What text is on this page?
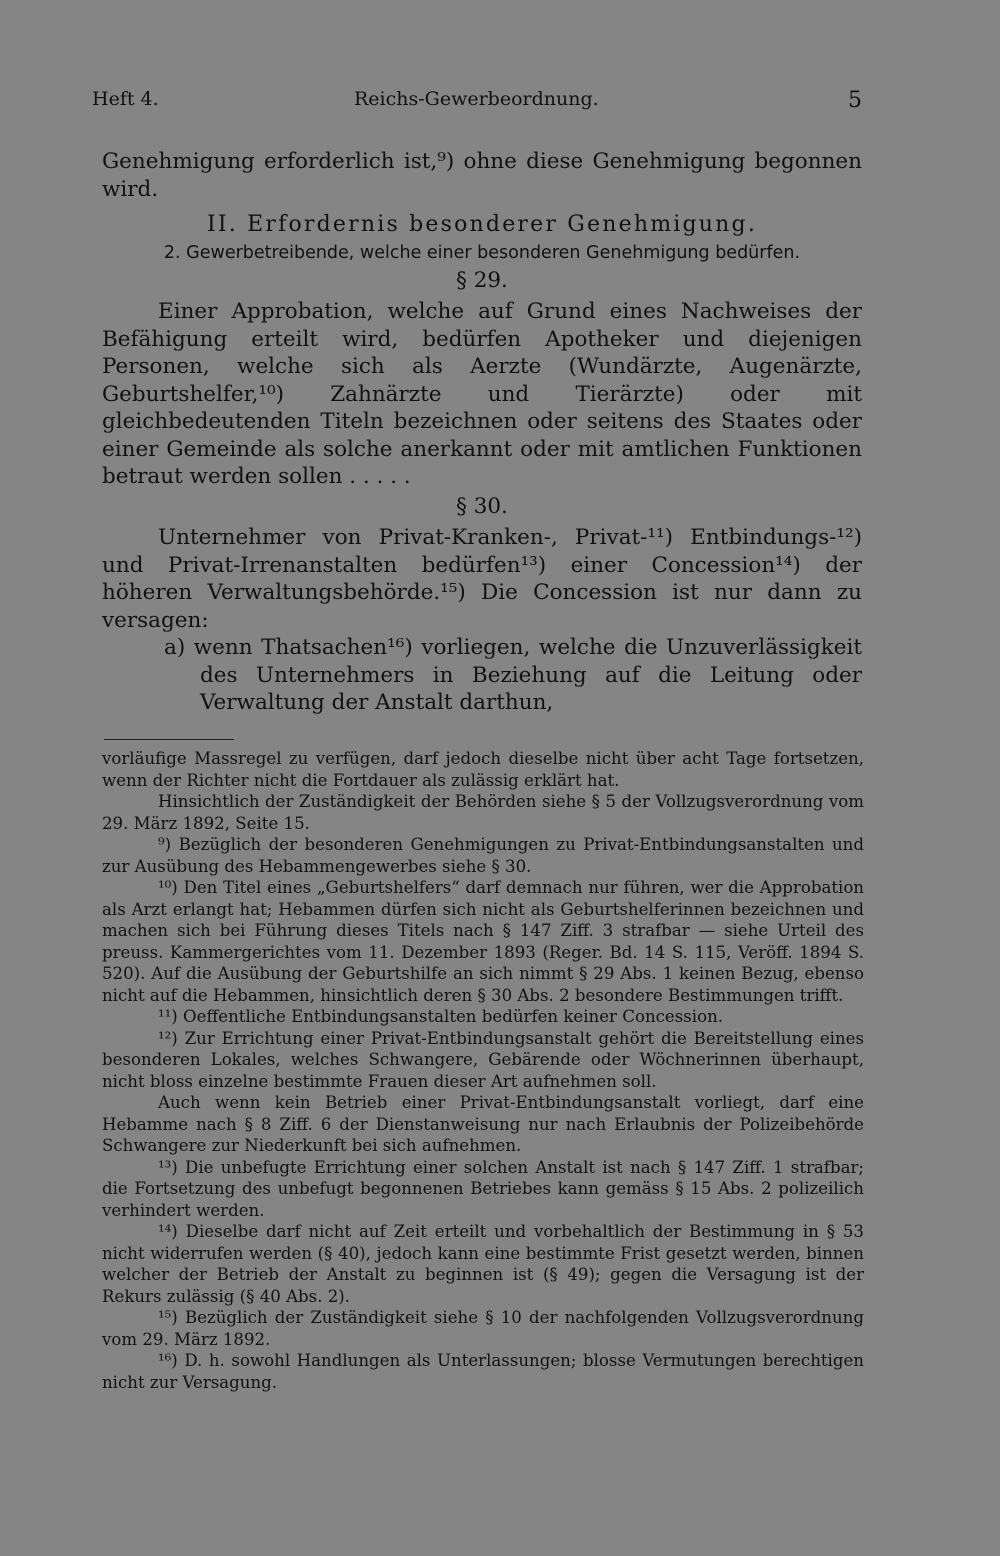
Heft 4.	Reichs-Gewerbeordnung.	5

Genehmigung erforderlich ist,⁹) ohne diese Genehmigung begonnen wird.

II. Erfordernis besonderer Genehmigung.

2. Gewerbetreibende, welche einer besonderen Genehmigung bedürfen.

§ 29.

Einer Approbation, welche auf Grund eines Nachweises der Befähigung erteilt wird, bedürfen Apotheker und diejenigen Personen, welche sich als Aerzte (Wundärzte, Augenärzte, Geburtshelfer,¹⁰) Zahnärzte und Tierärzte) oder mit gleichbedeutenden Titeln bezeichnen oder seitens des Staates oder einer Gemeinde als solche anerkannt oder mit amtlichen Funktionen betraut werden sollen . . . . .

§ 30.

Unternehmer von Privat-Kranken-, Privat-¹¹) Entbindungs-¹²) und Privat-Irrenanstalten bedürfen¹³) einer Concession¹⁴) der höheren Verwaltungsbehörde.¹⁵) Die Concession ist nur dann zu versagen:

a) wenn Thatsachen¹⁶) vorliegen, welche die Unzuverlässigkeit des Unternehmers in Beziehung auf die Leitung oder Verwaltung der Anstalt darthun,

vorläufige Massregel zu verfügen, darf jedoch dieselbe nicht über acht Tage fortsetzen, wenn der Richter nicht die Fortdauer als zulässig erklärt hat.

Hinsichtlich der Zuständigkeit der Behörden siehe § 5 der Vollzugsverordnung vom 29. März 1892, Seite 15.

⁹) Bezüglich der besonderen Genehmigungen zu Privat-Entbindungsanstalten und zur Ausübung des Hebammengewerbes siehe § 30.

¹⁰) Den Titel eines „Geburtshelfers“ darf demnach nur führen, wer die Approbation als Arzt erlangt hat; Hebammen dürfen sich nicht als Geburtshelferinnen bezeichnen und machen sich bei Führung dieses Titels nach § 147 Ziff. 3 strafbar — siehe Urteil des preuss. Kammergerichtes vom 11. Dezember 1893 (Reger. Bd. 14 S. 115, Veröff. 1894 S. 520). Auf die Ausübung der Geburtshilfe an sich nimmt § 29 Abs. 1 keinen Bezug, ebenso nicht auf die Hebammen, hinsichtlich deren § 30 Abs. 2 besondere Bestimmungen trifft.

¹¹) Oeffentliche Entbindungsanstalten bedürfen keiner Concession.

¹²) Zur Errichtung einer Privat-Entbindungsanstalt gehört die Bereitstellung eines besonderen Lokales, welches Schwangere, Gebärende oder Wöchnerinnen überhaupt, nicht bloss einzelne bestimmte Frauen dieser Art aufnehmen soll.

Auch wenn kein Betrieb einer Privat-Entbindungsanstalt vorliegt, darf eine Hebamme nach § 8 Ziff. 6 der Dienstanweisung nur nach Erlaubnis der Polizeibehörde Schwangere zur Niederkunft bei sich aufnehmen.

¹³) Die unbefugte Errichtung einer solchen Anstalt ist nach § 147 Ziff. 1 strafbar; die Fortsetzung des unbefugt begonnenen Betriebes kann gemäss § 15 Abs. 2 polizeilich verhindert werden.

¹⁴) Dieselbe darf nicht auf Zeit erteilt und vorbehaltlich der Bestimmung in § 53 nicht widerrufen werden (§ 40), jedoch kann eine bestimmte Frist gesetzt werden, binnen welcher der Betrieb der Anstalt zu beginnen ist (§ 49); gegen die Versagung ist der Rekurs zulässig (§ 40 Abs. 2).

¹⁵) Bezüglich der Zuständigkeit siehe § 10 der nachfolgenden Vollzugsverordnung vom 29. März 1892.

¹⁶) D. h. sowohl Handlungen als Unterlassungen; blosse Vermutungen berechtigen nicht zur Versagung.
